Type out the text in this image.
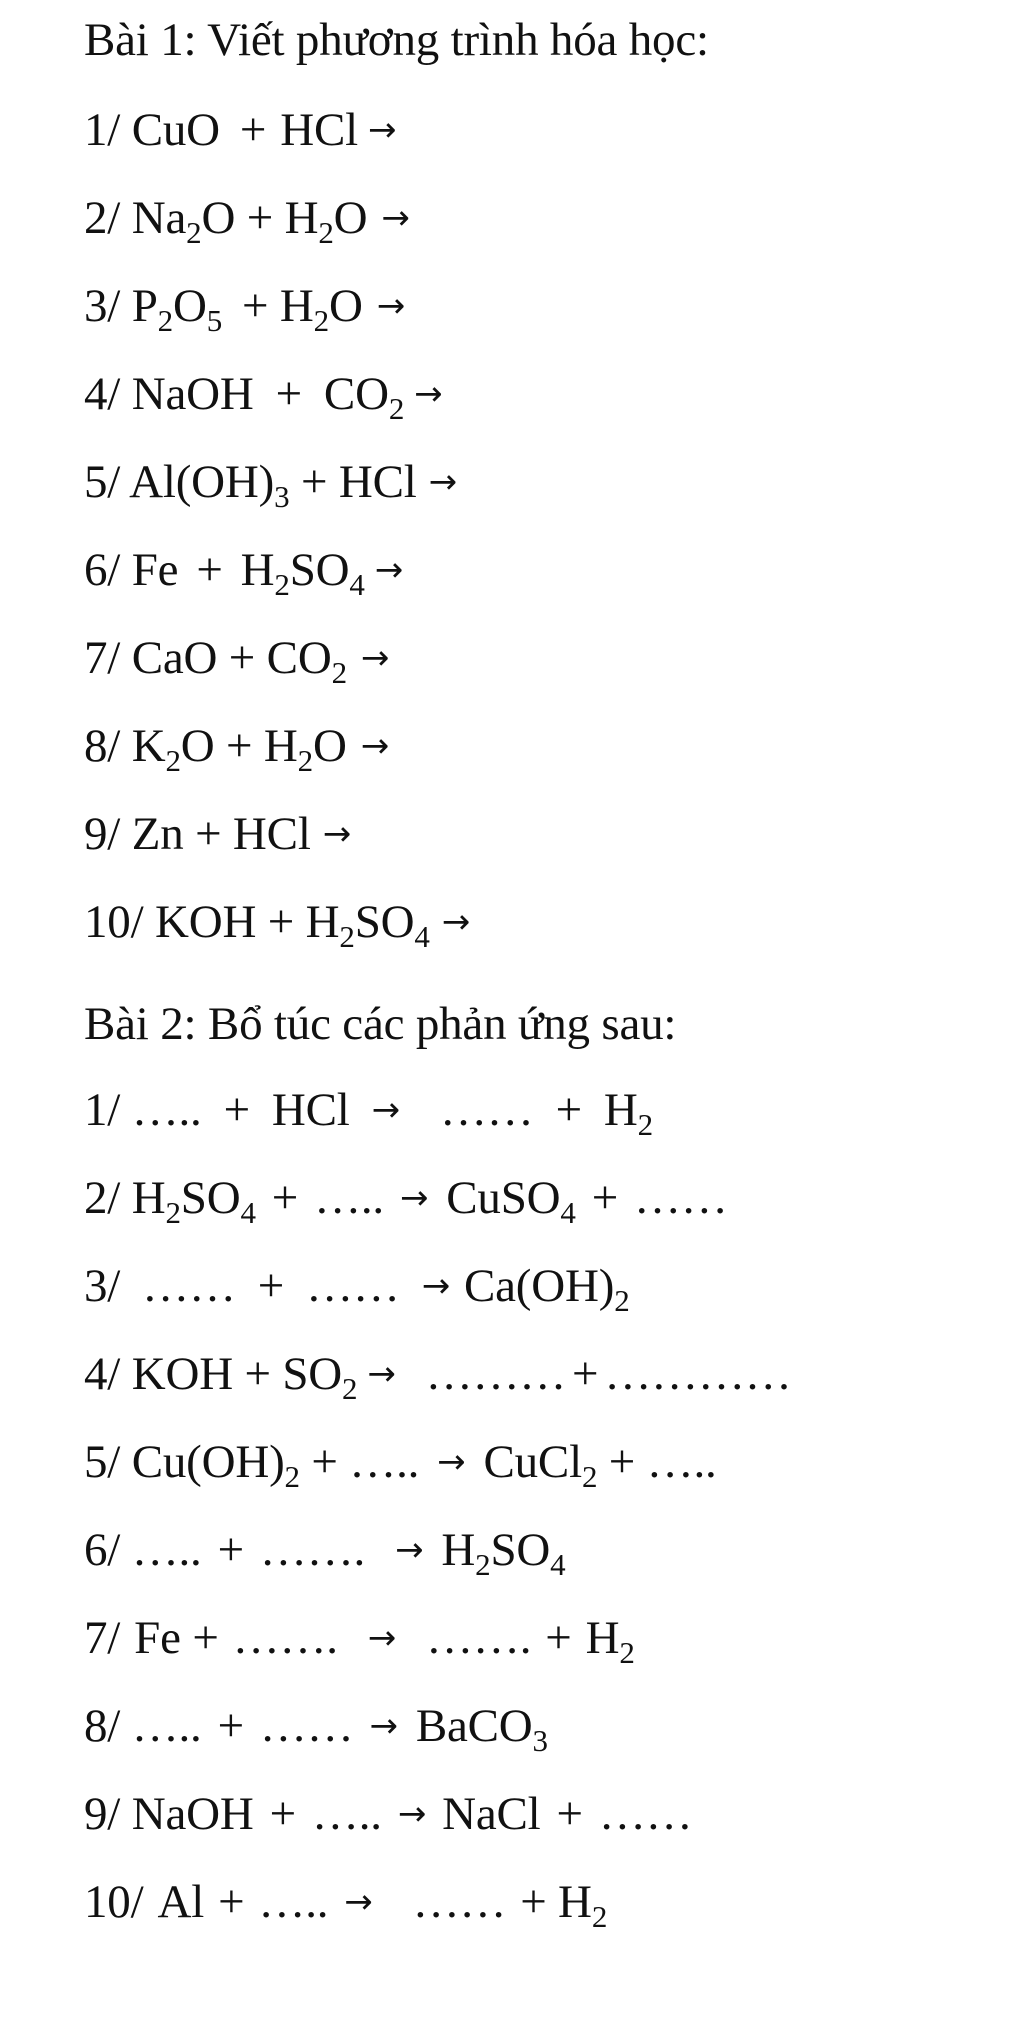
Bài 1: Viết phương trình hóa học:
1/ CuO + HCl →
2/ $Na_2O + H_2O$ →
3/ $P_2O_5 + H_2O$ →
4/ NaOH + $CO_2$ →
5/ $Al(OH)_3$ + HCl →
6/ $Fe + H_2SO_4$ →
7/ CaO + $CO_2$ →
8/ $K_2O + H_2O$ →
9/ Zn + HCl →
10/ KOH + $H_2SO_4$ →
Bài 2: Bổ túc các phản ứng sau:
1/ ….. + HCl → …… + $H_2$
2/ $H_2SO_4$ + ….. → CuSO$_4$ + ……
3/ …… + …… → $Ca(OH)_2$
4/ KOH + $SO_2$ → ……… + …………
5/ $Cu(OH)_2$ + ….. → CuCl$_2$ + …..
6/ ….. + ……. → $H_2SO_4$
7/ Fe + ……. → ……. + $H_2$
8/ ….. + …… → BaCO$_3$
9/ NaOH + ….. → NaCl + ……
10/ Al + ….. → …… + $H_2$
